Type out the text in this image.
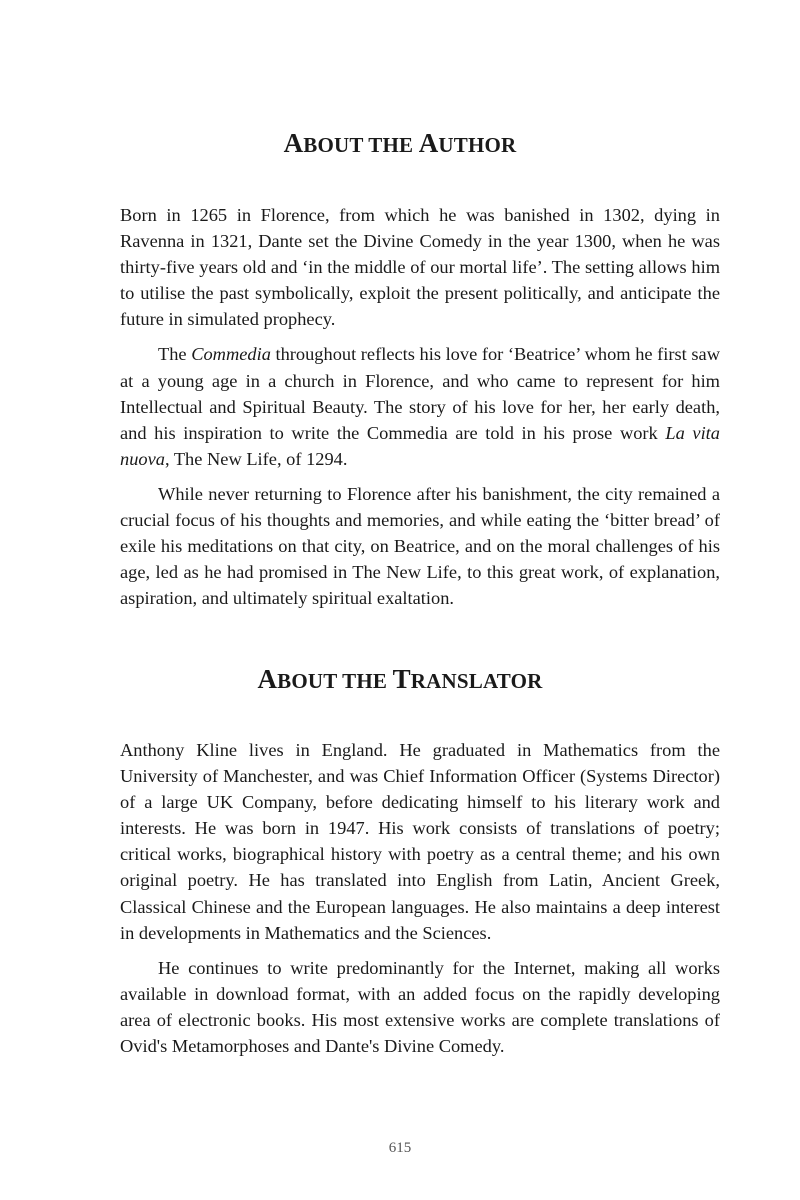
ABOUT THE AUTHOR

Born in 1265 in Florence, from which he was banished in 1302, dying in Ravenna in 1321, Dante set the Divine Comedy in the year 1300, when he was thirty-five years old and ‘in the middle of our mortal life’. The setting allows him to utilise the past symbolically, exploit the present politically, and anticipate the future in simulated prophecy.

The Commedia throughout reflects his love for ‘Beatrice’ whom he first saw at a young age in a church in Florence, and who came to represent for him Intellectual and Spiritual Beauty. The story of his love for her, her early death, and his inspiration to write the Commedia are told in his prose work La vita nuova, The New Life, of 1294.

While never returning to Florence after his banishment, the city remained a crucial focus of his thoughts and memories, and while eating the ‘bitter bread’ of exile his meditations on that city, on Beatrice, and on the moral challenges of his age, led as he had promised in The New Life, to this great work, of explanation, aspiration, and ultimately spiritual exaltation.

ABOUT THE TRANSLATOR

Anthony Kline lives in England. He graduated in Mathematics from the University of Manchester, and was Chief Information Officer (Systems Director) of a large UK Company, before dedicating himself to his literary work and interests. He was born in 1947. His work consists of translations of poetry; critical works, biographical history with poetry as a central theme; and his own original poetry. He has translated into English from Latin, Ancient Greek, Classical Chinese and the European languages. He also maintains a deep interest in developments in Mathematics and the Sciences.

He continues to write predominantly for the Internet, making all works available in download format, with an added focus on the rapidly developing area of electronic books. His most extensive works are complete translations of Ovid's Metamorphoses and Dante's Divine Comedy.

615
